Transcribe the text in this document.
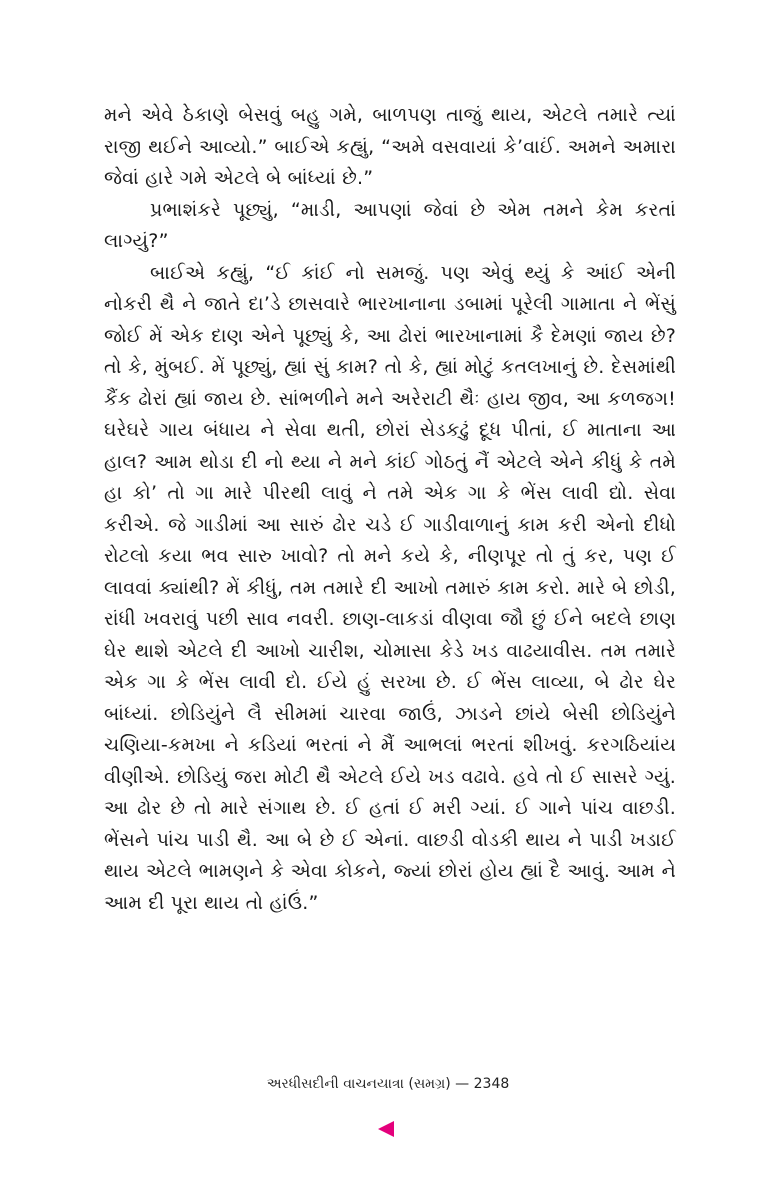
મને એવે ઠેકાણે બેસવું બહુ ગમે, બાળપણ તાજું થાય, એટલે તમારે ત્યાં રાજી થઈને આવ્યો.” બાઈએ કહ્યું, “અમે વસવાયાં કે’વાઈં. અમને અમારા જેવાં હારે ગમે એટલે બે બાંધ્યાં છે.”

પ્રભાશંકરે પૂછ્યું, “માડી, આપણાં જેવાં છે એમ તમને કેમ કરતાં લાગ્યું?”

બાઈએ કહ્યું, “ઈ કાંઈ નો સમજું. પણ એવું થ્યું કે આંઈ એની નોકરી થૈ ને જાતે દા’ડે છાસવારે ભારખાનાના ડબામાં પૂરેલી ગામાતા ને ભેંસું જોઈ મેં એક દાણ એને પૂછ્યું કે, આ ઢોરાં ભારખાનામાં કૈ દેમણાં જાય છે? તો કે, મુંબઈ. મેં પૂછ્યું, હ્યાં સું કામ? તો કે, હ્યાં મોટું કતલખાનું છે. દેસમાંથી કૈંક ઢોરાં હ્યાં જાય છે. સાંભળીને મને અરેરાટી થૈઃ હાય જીવ, આ કળજગ! ઘરેઘરે ગાય બંધાય ને સેવા થતી, છોરાં સેડકઢું દૂધ પીતાં, ઈ માતાના આ હાલ? આમ થોડા દી નો થ્યા ને મને કાંઈ ગોઠતું નૈં એટલે એને કીધું કે તમે હા કો’ તો ગા મારે પીરથી લાવું ને તમે એક ગા કે ભેંસ લાવી દ્યો. સેવા કરીએ. જે ગાડીમાં આ સારું ઢોર ચડે ઈ ગાડીવાળાનું કામ કરી એનો દીધો રોટલો કયા ભવ સારુ ખાવો? તો મને કયે કે, નીણપૂર તો તું કર, પણ ઈ લાવવાં ક્યાંથી? મેં કીધું, તમ તમારે દી આખો તમારું કામ કરો. મારે બે છોડી, રાંધી ખવરાવું પછી સાવ નવરી. છાણ-લાકડાં વીણવા જૌ છું ઈને બદલે છાણ ઘેર થાશે એટલે દી આખો ચારીશ, ચોમાસા કેડે ખડ વાઢયાવીસ. તમ તમારે એક ગા કે ભેંસ લાવી દો. ઈયે હું સરખા છે. ઈ ભેંસ લાવ્યા, બે ઢોર ઘેર બાંધ્યાં. છોડિયુંને લૈ સીમમાં ચારવા જાઉં, ઝાડને છાંયે બેસી છોડિયુંને ચણિયા-કમખા ને કડિયાં ભરતાં ને મૈં આભલાં ભરતાં શીખવું. કરગઠિયાંય વીણીએ. છોડિયું જરા મોટી થૈ એટલે ઈયે ખડ વઢાવે. હવે તો ઈ સાસરે ગ્યું. આ ઢોર છે તો મારે સંગાથ છે. ઈ હતાં ઈ મરી ગ્યાં. ઈ ગાને પાંચ વાછડી. ભેંસને પાંચ પાડી થૈ. આ બે છે ઈ એનાં. વાછડી વોડકી થાય ને પાડી ખડાઈ થાય એટલે ભામણને કે એવા કોકને, જ્યાં છોરાં હોય હ્યાં દૈ આવું. આમ ને આમ દી પૂરા થાય તો હાંઉં.”

અરધીસદીની વાચનયાત્રા (સમગ્ર) — 2348
